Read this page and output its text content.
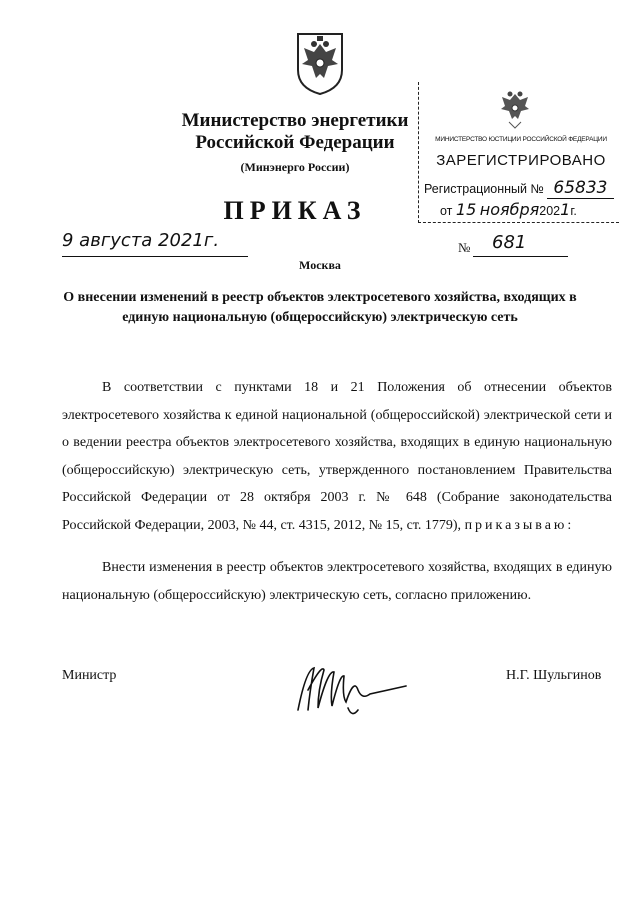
Министерство энергетики
Российской Федерации
(Минэнерго России)
ПРИКАЗ
МИНИСТЕРСТВО ЮСТИЦИИ РОССИЙСКОЙ ФЕДЕРАЦИИ
ЗАРЕГИСТРИРОВАНО
Регистрационный № 65833
от 15 ноября2021г.
9 августа 2021г.	№ 681
Москва
О внесении изменений в реестр объектов электросетевого хозяйства, входящих в единую национальную (общероссийскую) электрическую сеть
В соответствии с пунктами 18 и 21 Положения об отнесении объектов электросетевого хозяйства к единой национальной (общероссийской) электрической сети и о ведении реестра объектов электросетевого хозяйства, входящих в единую национальную (общероссийскую) электрическую сеть, утвержденного постановлением Правительства Российской Федерации от 28 октября 2003 г. № 648 (Собрание законодательства Российской Федерации, 2003, № 44, ст. 4315, 2012, № 15, ст. 1779), приказываю:
Внести изменения в реестр объектов электросетевого хозяйства, входящих в единую национальную (общероссийскую) электрическую сеть, согласно приложению.
Министр	Н.Г. Шульгинов
